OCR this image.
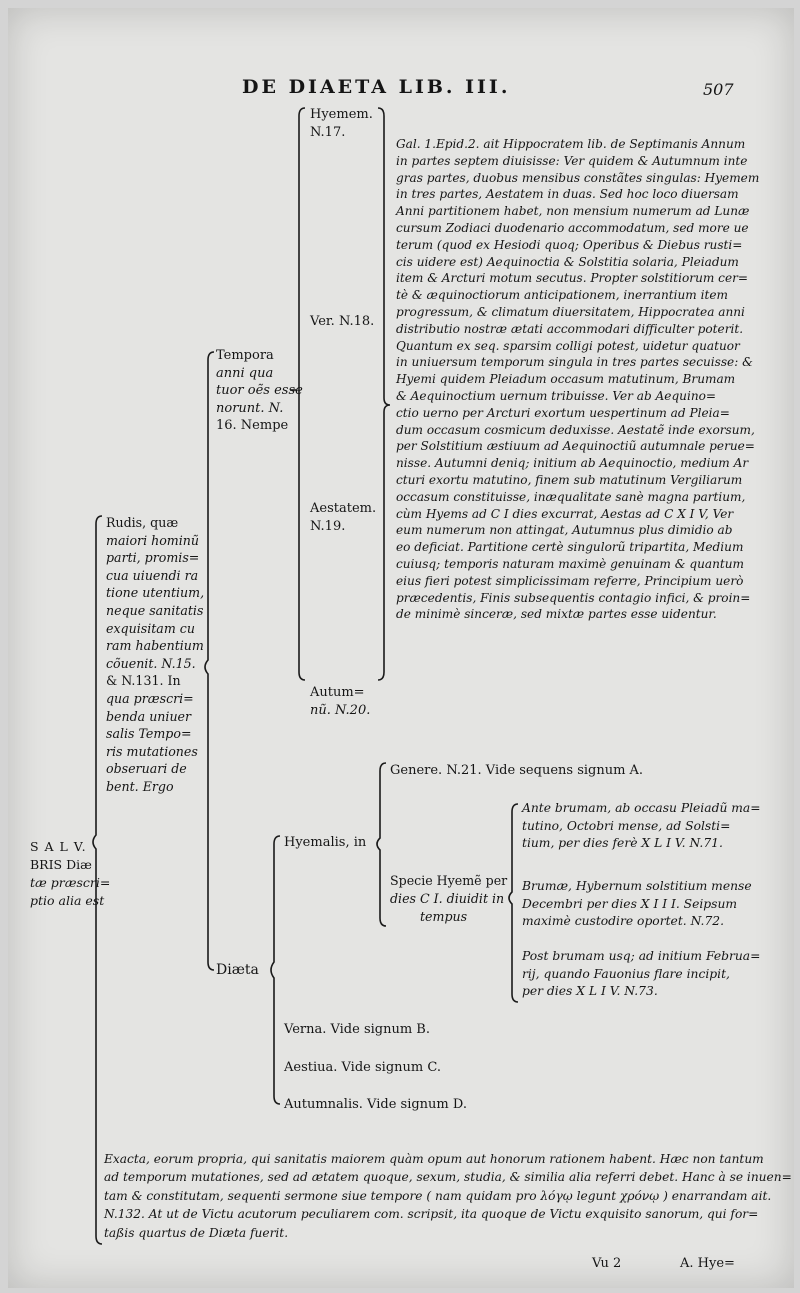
DE DIAETA LIB. III.	507
Hyemem.
N.17.
Ver. N.18.
Aestatem.
N.19.
Autum=
nũ. N.20.
Gal. 1.Epid.2. ait Hippocratem lib. de Septimanis Annum
in partes septem diuisisse: Ver quidem & Autumnum inte
gras partes, duobus mensibus constãtes singulas: Hyemem
in tres partes, Aestatem in duas. Sed hoc loco diuersam
Anni partitionem habet, non mensium numerum ad Lunæ
cursum Zodiaci duodenario accommodatum, sed more ue
terum (quod ex Hesiodi quoq; Operibus & Diebus rusti=
cis uidere est) Aequinoctia & Solstitia solaria, Pleiadum
item & Arcturi motum secutus. Propter solstitiorum cer=
tè & æquinoctiorum anticipationem, inerrantium item
progressum, & climatum diuersitatem, Hippocratea anni
distributio nostræ ætati accommodari difficulter poterit.
Quantum ex seq. sparsim colligi potest, uidetur quatuor
in uniuersum temporum singula in tres partes secuisse: &
Hyemi quidem Pleiadum occasum matutinum, Brumam
& Aequinoctium uernum tribuisse. Ver ab Aequino=
ctio uerno per Arcturi exortum uespertinum ad Pleia=
dum occasum cosmicum deduxisse. Aestatẽ inde exorsum,
per Solstitium æstiuum ad Aequinoctiũ autumnale perue=
nisse. Autumni deniq; initium ab Aequinoctio, medium Ar
cturi exortu matutino, finem sub matutinum Vergiliarum
occasum constituisse, inæqualitate sanè magna partium,
cùm Hyems ad C I dies excurrat, Aestas ad C X I V, Ver
eum numerum non attingat, Autumnus plus dimidio ab
eo deficiat. Partitione certè singulorũ tripartita, Medium
cuiusq; temporis naturam maximè genuinam & quantum
eius fieri potest simplicissimam referre, Principium uerò
præcedentis, Finis subsequentis contagio infici, & proin=
de minimè sinceræ, sed mixtæ partes esse uidentur.
Tempora
anni qua
tuor oẽs esse
norunt. N.
16. Nempe
Rudis, quæ
maiori hominũ
parti, promis=
cua uiuendi ra
tione utentium,
neque sanitatis
exquisitam cu
ram habentium
cõuenit. N.15.
& N.131. In
qua præscri=
benda uniuer
salis Tempo=
ris mutationes
obseruari de
bent. Ergo
S A L V.
BRIS Diæ
tæ præscri=
ptio alia est
Genere. N.21. Vide sequens signum A.
Hyemalis, in
Specie Hyemẽ per
dies C I. diuidit in
tempus
Ante brumam, ab occasu Pleiadũ ma=
tutino, Octobri mense, ad Solsti=
tium, per dies ferè X L I V. N.71.
Brumæ, Hybernum solstitium mense
Decembri per dies X I I I. Seipsum
maximè custodire oportet. N.72.
Post brumam usq; ad initium Februa=
rij, quando Fauonius flare incipit,
per dies X L I V. N.73.
Diæta
Verna. Vide signum B.
Aestiua. Vide signum C.
Autumnalis. Vide signum D.
Exacta, eorum propria, qui sanitatis maiorem quàm opum aut honorum rationem habent. Hæc non tantum
ad temporum mutationes, sed ad ætatem quoque, sexum, studia, & similia alia referri debet. Hanc à se inuen=
tam & constitutam, sequenti sermone siue tempore ( nam quidam pro λόγῳ legunt χρόνῳ ) enarrandam ait.
N.132. At ut de Victu acutorum peculiarem com. scripsit, ita quoque de Victu exquisito sanorum, qui for=
taßis quartus de Diæta fuerit.
Vu 2	A. Hye=
